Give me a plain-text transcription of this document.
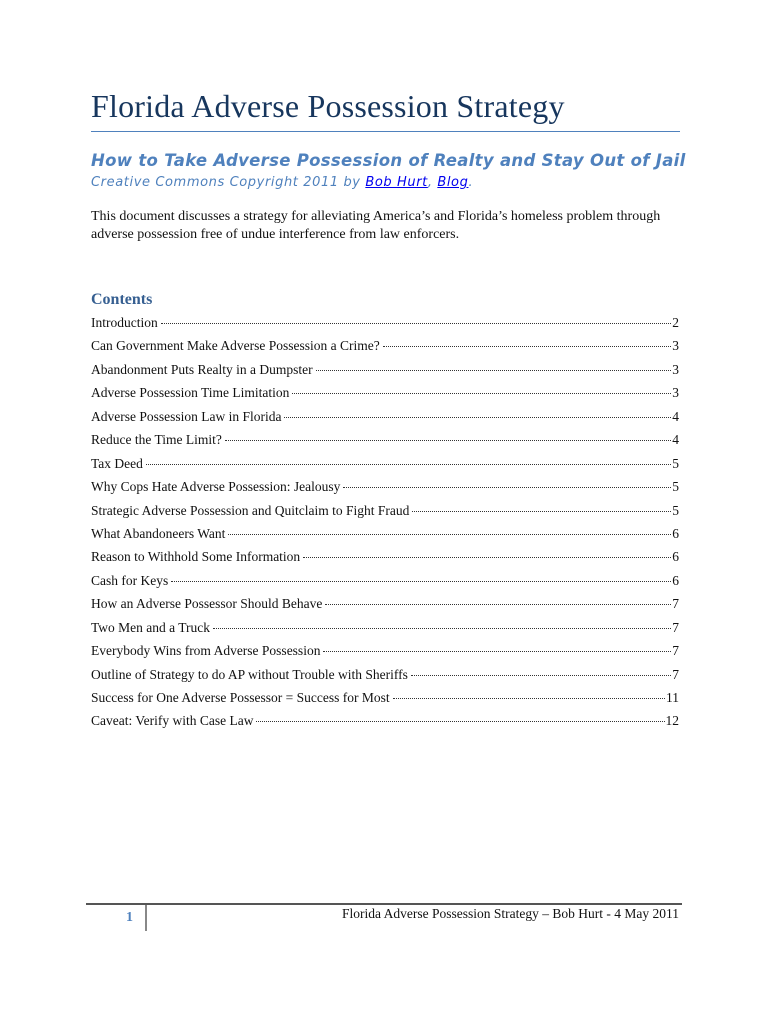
Florida Adverse Possession Strategy
How to Take Adverse Possession of Realty and Stay Out of Jail
Creative Commons Copyright 2011 by Bob Hurt, Blog.
This document discusses a strategy for alleviating America’s and Florida’s homeless problem through adverse possession free of undue interference from law enforcers.
Contents
Introduction	2
Can Government Make Adverse Possession a Crime?	3
Abandonment Puts Realty in a Dumpster	3
Adverse Possession Time Limitation	3
Adverse Possession Law in Florida	4
Reduce the Time Limit?	4
Tax Deed	5
Why Cops Hate Adverse Possession: Jealousy	5
Strategic Adverse Possession and Quitclaim to Fight Fraud	5
What Abandoneers Want	6
Reason to Withhold Some Information	6
Cash for Keys	6
How an Adverse Possessor Should Behave	7
Two Men and a Truck	7
Everybody Wins from Adverse Possession	7
Outline of Strategy to do AP without Trouble with Sheriffs	7
Success for One Adverse Possessor = Success for Most	11
Caveat: Verify with Case Law	12
1	Florida Adverse Possession Strategy – Bob Hurt - 4 May 2011
